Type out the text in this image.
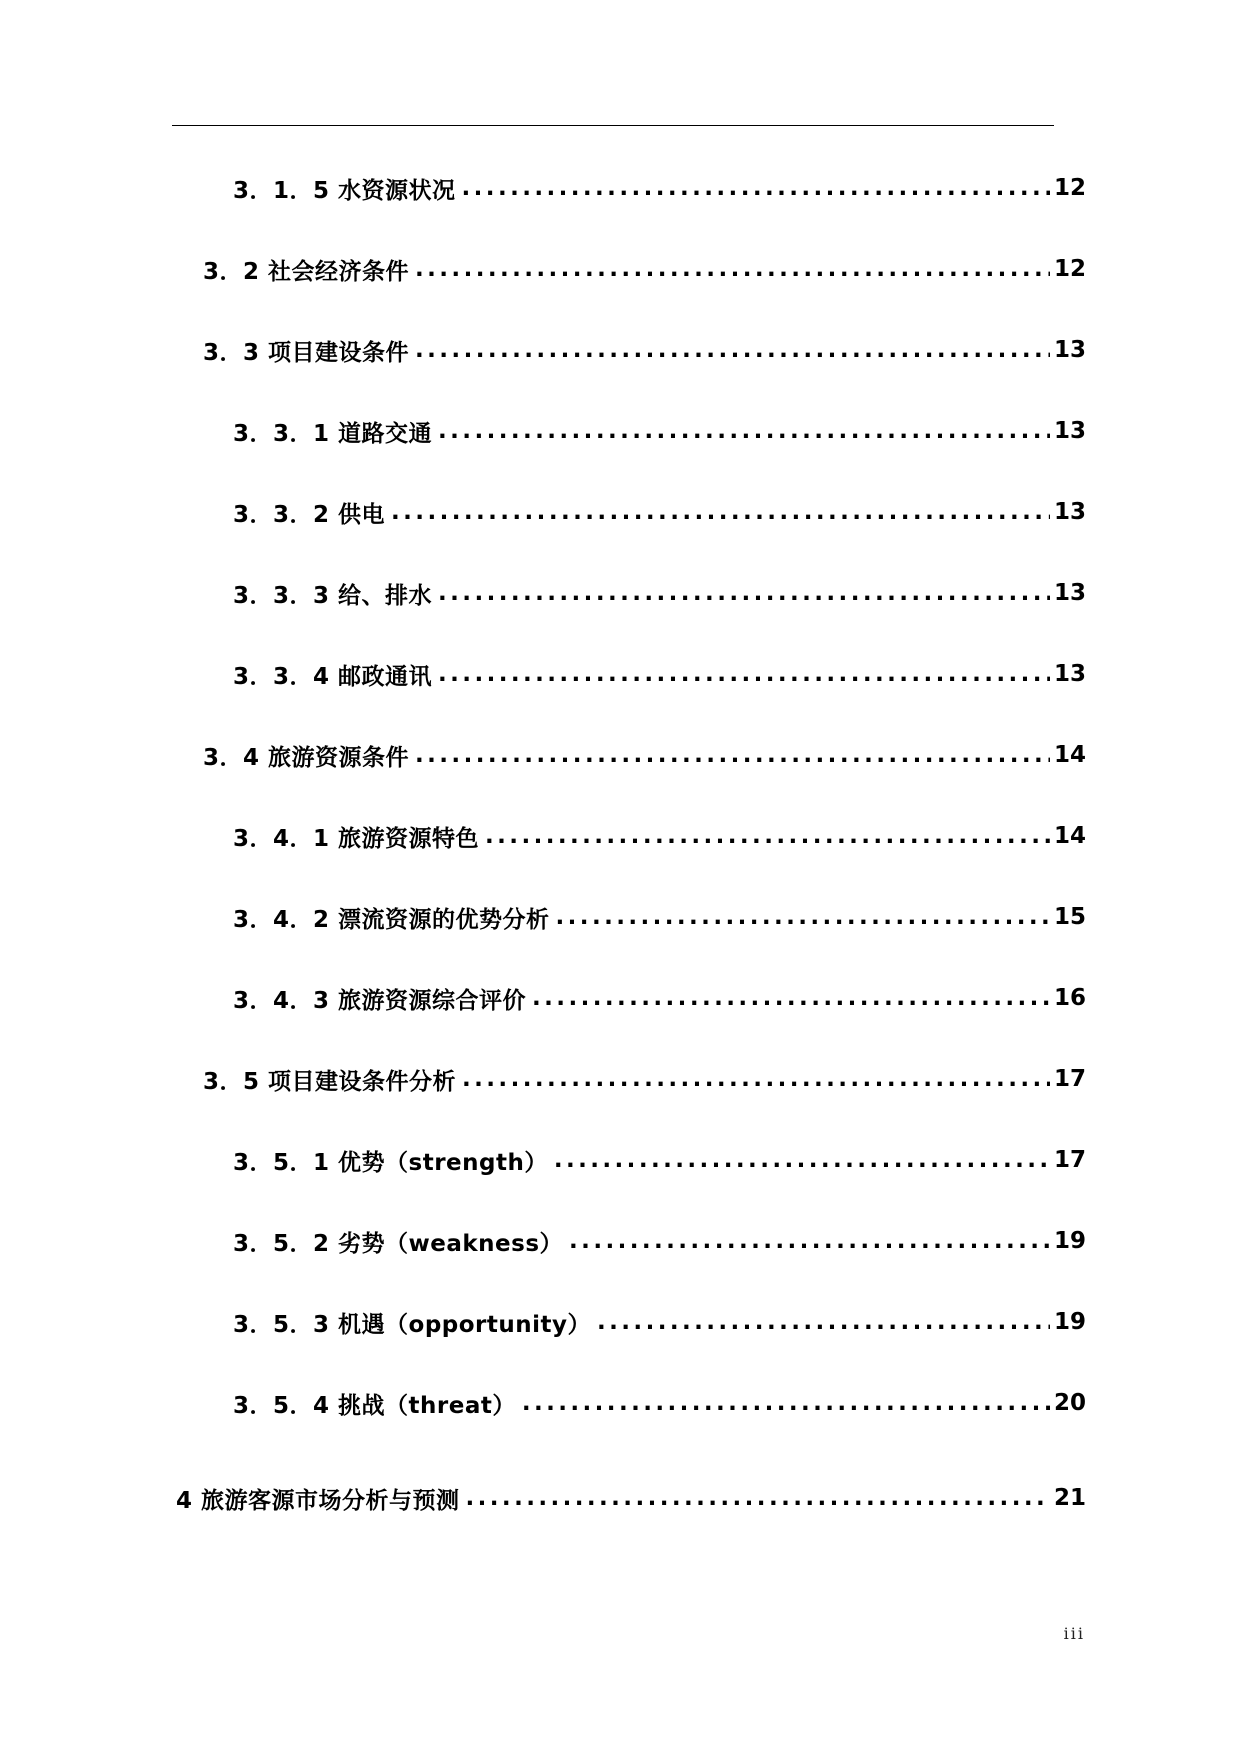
3．1．5 水资源状况 .....	12
3．2 社会经济条件 .....	12
3．3 项目建设条件 .....	13
3．3．1 道路交通 .....	13
3．3．2 供电 .....	13
3．3．3 给、排水 .....	13
3．3．4 邮政通讯 .....	13
3．4 旅游资源条件 .....	14
3．4．1 旅游资源特色 .....	14
3．4．2 漂流资源的优势分析 .....	15
3．4．3 旅游资源综合评价 .....	16
3．5 项目建设条件分析 .....	17
3．5．1 优势（strength） .....	17
3．5．2 劣势（weakness） .....	19
3．5．3 机遇（opportunity） .....	19
3．5．4 挑战（threat） .....	20
4 旅游客源市场分析与预测 .....	21
iii
